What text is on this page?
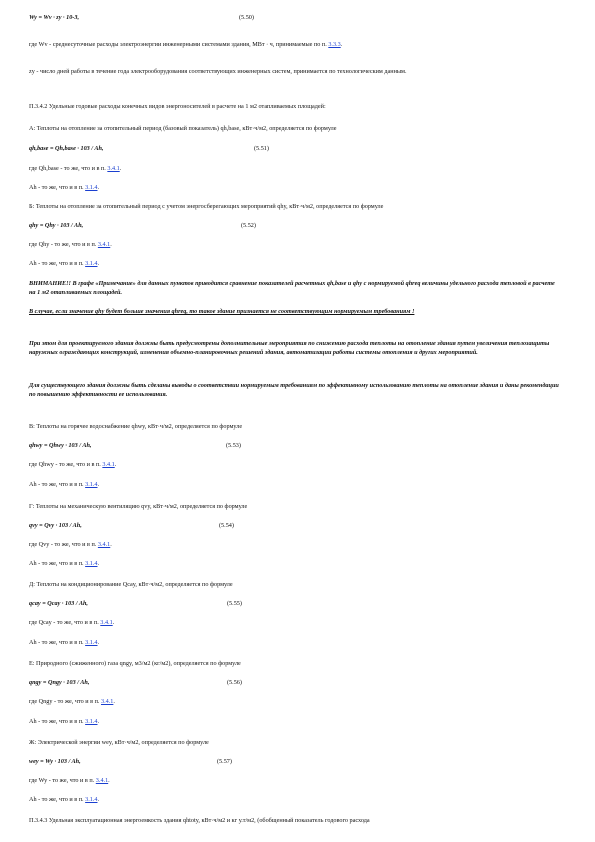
Wy = Wv · zy · 10-3,	(5.50)
где Wv - среднесуточные расходы электроэнергии инженерными системами здания, МВт · ч, принимаемые по п. 3.3.3.
zy - число дней работы в течение года электрооборудования соответствующих инженерных систем, принимается по технологическим данным.
П.3.4.2 Удельные годовые расходы конечных видов энергоносителей в расчете на 1 м2 отапливаемых площадей:
А: Теплоты на отопление за отопительный период (базовый показатель) qh,base, кВт·ч/м2, определяется по формуле
qh,base = Qh,base · 103 / Ah,	(5.51)
где Qh,base - то же, что и в п. 3.4.1.
Ah - то же, что и в п. 3.1.4.
Б: Теплоты на отопление за отопительный период с учетом энергосберегающих мероприятий qhy, кВт·ч/м2, определяется по формуле
qhy = Qhy · 103 / Ah,	(5.52)
где Qhy - то же, что и в п. 3.4.1.
Ah - то же, что и в п. 3.1.4.
ВНИМАНИЕ!! В графе «Примечание» для данных пунктов приводится сравнение показателей расчетных qh,base и qhy с нормируемой qhreq величины удельного расхода тепловой в расчете на 1 м2 отапливаемых площадей.
В случае, если значение qhy будет больше значения qhreq, то такое здание признается не соответствующим нормируемым требованиям !
При этом для проектируемого здания должны быть предусмотрены дополнительные мероприятия по снижению расхода теплоты на отопление здания путем увеличения теплозащиты наружных ограждающих конструкций, изменения объемно-планировочных решений здания, автоматизации работы системы отопления и других мероприятий.
Для существующего здания должны быть сделаны выводы о соответствии нормируемым требованиям по эффективному использованию теплоты на отопление здания и даны рекомендации по повышению эффективности ее использования.
В: Теплоты на горячее водоснабжение qhwy, кВт·ч/м2, определяется по формуле
qhwy = Qhwy · 103 / Ah,	(5.53)
где Qhwy - то же, что и в п. 3.4.1.
Ah - то же, что и в п. 3.1.4.
Г: Теплоты на механическую вентиляцию qvy, кВт·ч/м2, определяется по формуле
qvy = Qvy · 103 / Ah,	(5.54)
где Qvy - то же, что и в п. 3.4.1.
Ah - то же, что и в п. 3.1.4.
Д: Теплоты на кондиционирование Qcay, кВт·ч/м2, определяется по формуле
qcay = Qcay · 103 / Ah,	(5.55)
где Qcay - то же, что и в п. 3.4.1.
Ah - то же, что и в п. 3.1.4.
Е: Природного (сжиженного) газа qngy, м3/м2 (кг/м2), определяется по формуле
qngy = Qngy · 103 / Ah,	(5.56)
где Qngy - то же, что и в п. 3.4.1.
Ah - то же, что и в п. 3.1.4.
Ж: Электрической энергии wey, кВт·ч/м2, определяется по формуле
wey = Wy · 103 / Ah,	(5.57)
где Wy - то же, что и в п. 3.4.1.
Ah - то же, что и в п. 3.1.4.
П.3.4.3 Удельная эксплуатационная энергоемкость здания qhtoty, кВт·ч/м2 и кг у.т/м2, (обобщенный показатель годового расхода
